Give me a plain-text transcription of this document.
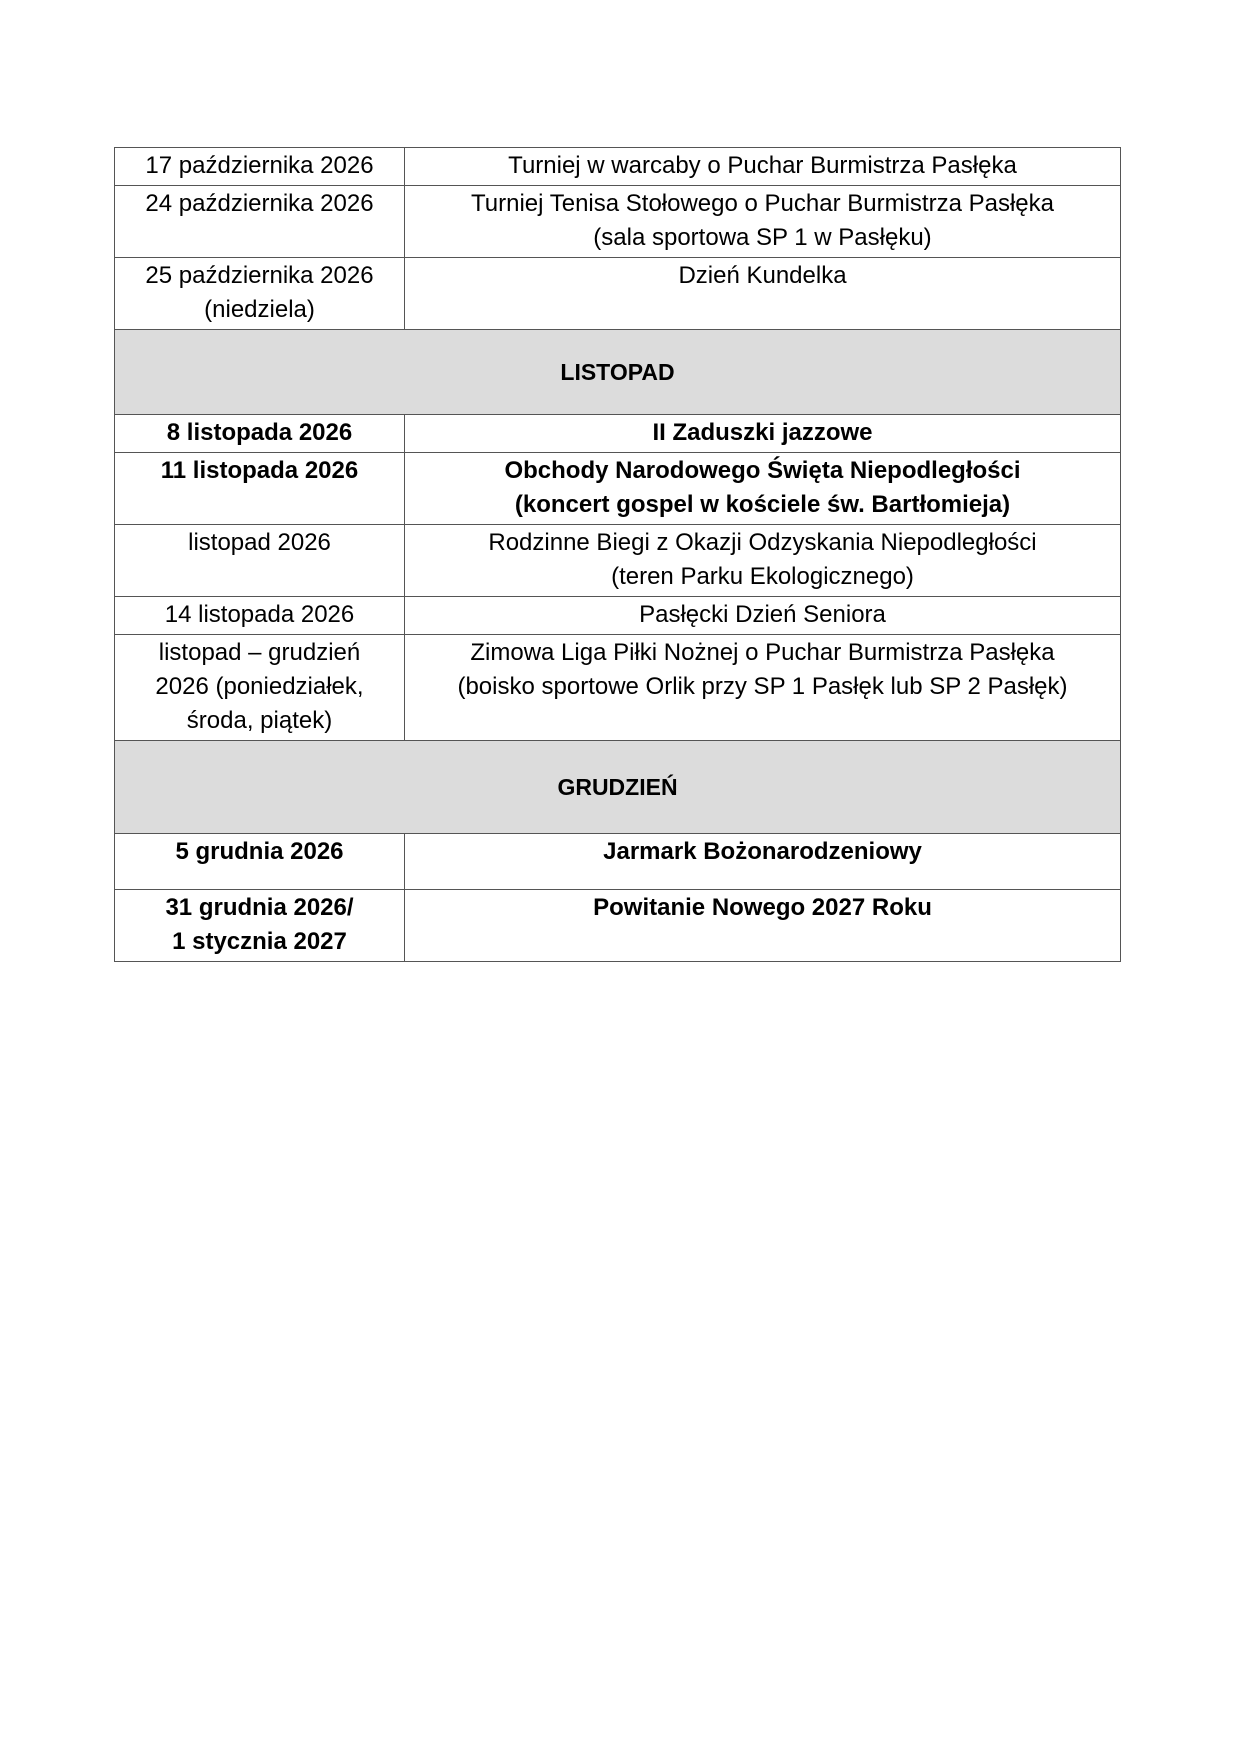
17 października 2026	Turniej w warcaby o Puchar Burmistrza Pasłęka
24 października 2026	Turniej Tenisa Stołowego o Puchar Burmistrza Pasłęka
(sala sportowa SP 1 w Pasłęku)
25 października 2026
(niedziela)	Dzień Kundelka
LISTOPAD	
8 listopada 2026	II Zaduszki jazzowe
11 listopada 2026	Obchody Narodowego Święta Niepodległości
(koncert gospel w kościele św. Bartłomieja)
listopad 2026	Rodzinne Biegi z Okazji Odzyskania Niepodległości
(teren Parku Ekologicznego)
14 listopada 2026	Pasłęcki Dzień Seniora
listopad – grudzień
2026 (poniedziałek,
środa, piątek)	Zimowa Liga Piłki Nożnej o Puchar Burmistrza Pasłęka
(boisko sportowe Orlik przy SP 1 Pasłęk lub SP 2 Pasłęk)
GRUDZIEŃ	
5 grudnia 2026	Jarmark Bożonarodzeniowy
31 grudnia 2026/
1 stycznia 2027	Powitanie Nowego 2027 Roku
